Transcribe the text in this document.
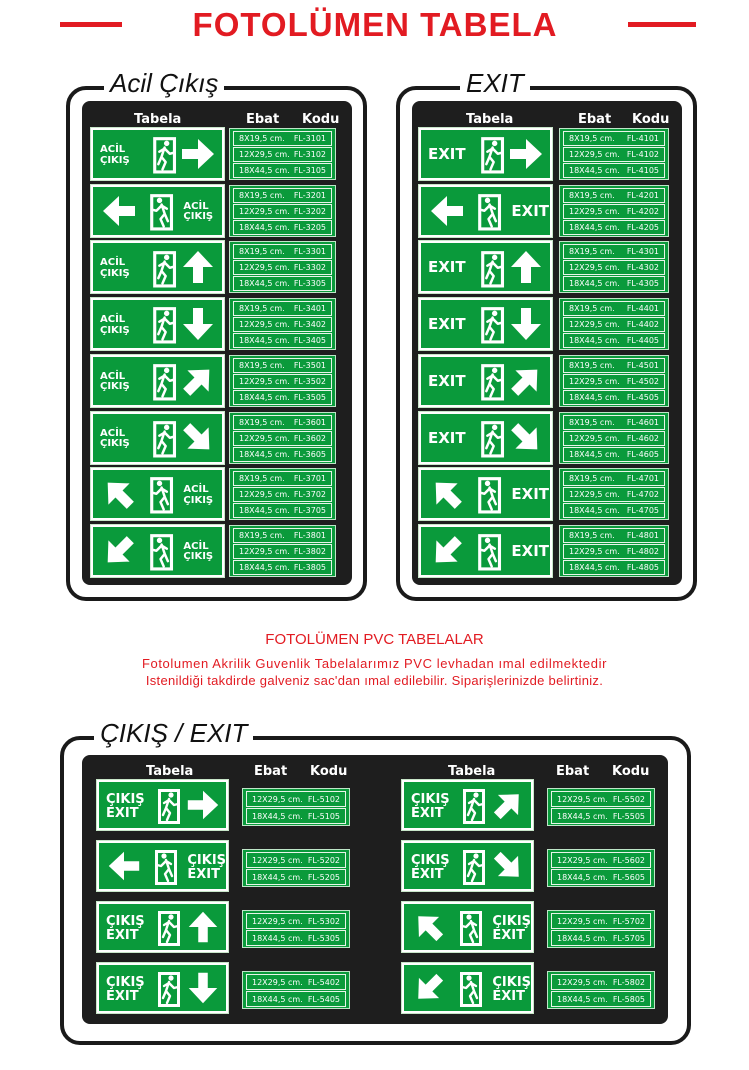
FOTOLÜMEN TABELA
Acil Çıkış
Tabela	Ebat Kodu
ACİL
ÇIKIŞ
8X19,5 cm. FL-3101
12X29,5 cm. FL-3102
18X44,5 cm. FL-3105
ACİL
ÇIKIŞ
8X19,5 cm. FL-3201
12X29,5 cm. FL-3202
18X44,5 cm. FL-3205
ACİL
ÇIKIŞ
8X19,5 cm. FL-3301
12X29,5 cm. FL-3302
18X44,5 cm. FL-3305
ACİL
ÇIKIŞ
8X19,5 cm. FL-3401
12X29,5 cm. FL-3402
18X44,5 cm. FL-3405
ACİL
ÇIKIŞ
8X19,5 cm. FL-3501
12X29,5 cm. FL-3502
18X44,5 cm. FL-3505
ACİL
ÇIKIŞ
8X19,5 cm. FL-3601
12X29,5 cm. FL-3602
18X44,5 cm. FL-3605
ACİL
ÇIKIŞ
8X19,5 cm. FL-3701
12X29,5 cm. FL-3702
18X44,5 cm. FL-3705
ACİL
ÇIKIŞ
8X19,5 cm. FL-3801
12X29,5 cm. FL-3802
18X44,5 cm. FL-3805
EXIT
Tabela	Ebat Kodu
EXIT
8X19,5 cm. FL-4101
12X29,5 cm. FL-4102
18X44,5 cm. FL-4105
EXIT
8X19,5 cm. FL-4201
12X29,5 cm. FL-4202
18X44,5 cm. FL-4205
EXIT
8X19,5 cm. FL-4301
12X29,5 cm. FL-4302
18X44,5 cm. FL-4305
EXIT
8X19,5 cm. FL-4401
12X29,5 cm. FL-4402
18X44,5 cm. FL-4405
EXIT
8X19,5 cm. FL-4501
12X29,5 cm. FL-4502
18X44,5 cm. FL-4505
EXIT
8X19,5 cm. FL-4601
12X29,5 cm. FL-4602
18X44,5 cm. FL-4605
EXIT
8X19,5 cm. FL-4701
12X29,5 cm. FL-4702
18X44,5 cm. FL-4705
EXIT
8X19,5 cm. FL-4801
12X29,5 cm. FL-4802
18X44,5 cm. FL-4805
FOTOLÜMEN PVC TABELALAR
Fotolumen Akrilik Guvenlik Tabelalarımız PVC levhadan ımal edilmektedir
Istenildiği takdirde galveniz sac'dan ımal edilebilir. Siparişlerinizde belirtiniz.
ÇIKIŞ / EXIT
Tabela	Ebat Kodu	Tabela	Ebat Kodu
ÇIKIŞ
EXIT
12X29,5 cm. FL-5102
18X44,5 cm. FL-5105
ÇIKIŞ
EXIT
12X29,5 cm. FL-5202
18X44,5 cm. FL-5205
ÇIKIŞ
EXIT
12X29,5 cm. FL-5302
18X44,5 cm. FL-5305
ÇIKIŞ
EXIT
12X29,5 cm. FL-5402
18X44,5 cm. FL-5405
ÇIKIŞ
EXIT
12X29,5 cm. FL-5502
18X44,5 cm. FL-5505
ÇIKIŞ
EXIT
12X29,5 cm. FL-5602
18X44,5 cm. FL-5605
ÇIKIŞ
EXIT
12X29,5 cm. FL-5702
18X44,5 cm. FL-5705
ÇIKIŞ
EXIT
12X29,5 cm. FL-5802
18X44,5 cm. FL-5805
